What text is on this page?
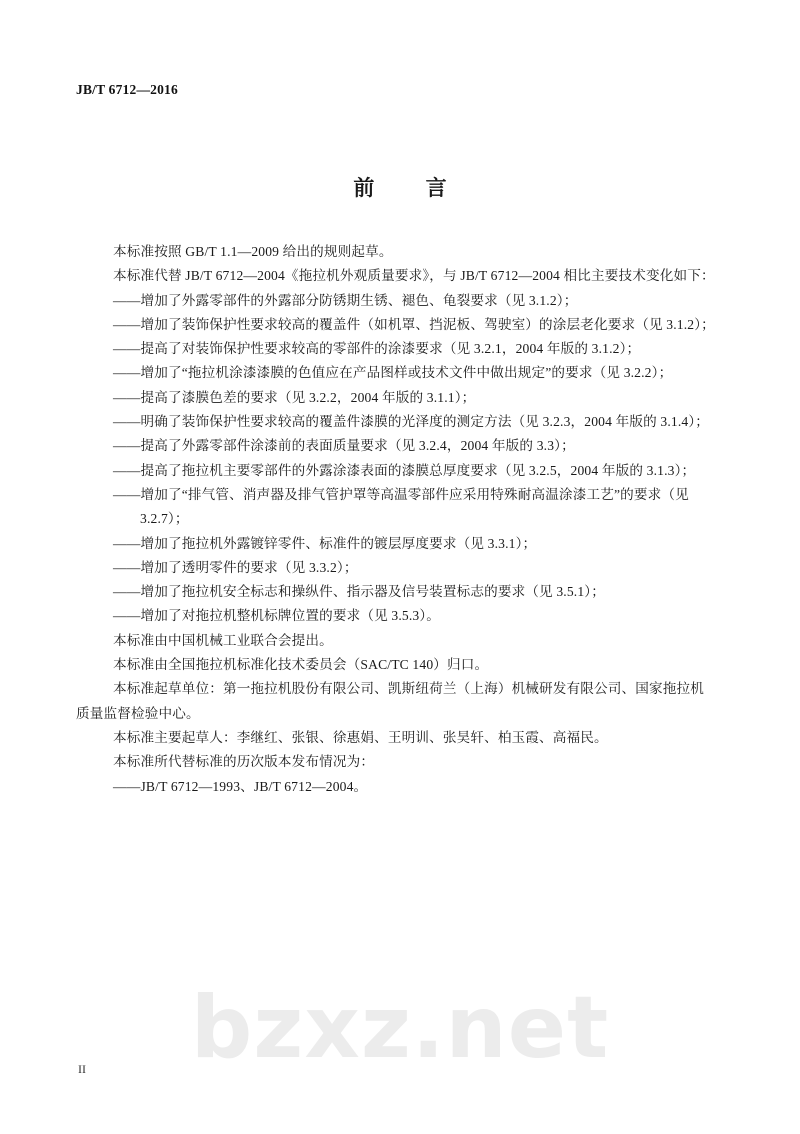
bzxz.net
JB/T 6712—2016
前 言
本标准按照 GB/T 1.1—2009 给出的规则起草。
本标准代替 JB/T 6712—2004《拖拉机外观质量要求》，与 JB/T 6712—2004 相比主要技术变化如下：
——增加了外露零部件的外露部分防锈期生锈、褪色、龟裂要求（见 3.1.2）；
——增加了装饰保护性要求较高的覆盖件（如机罩、挡泥板、驾驶室）的涂层老化要求（见 3.1.2）；
——提高了对装饰保护性要求较高的零部件的涂漆要求（见 3.2.1，2004 年版的 3.1.2）；
——增加了“拖拉机涂漆漆膜的色值应在产品图样或技术文件中做出规定”的要求（见 3.2.2）；
——提高了漆膜色差的要求（见 3.2.2，2004 年版的 3.1.1）；
——明确了装饰保护性要求较高的覆盖件漆膜的光泽度的测定方法（见 3.2.3，2004 年版的 3.1.4）；
——提高了外露零部件涂漆前的表面质量要求（见 3.2.4，2004 年版的 3.3）；
——提高了拖拉机主要零部件的外露涂漆表面的漆膜总厚度要求（见 3.2.5，2004 年版的 3.1.3）；
——增加了“排气管、消声器及排气管护罩等高温零部件应采用特殊耐高温涂漆工艺”的要求（见
3.2.7）；
——增加了拖拉机外露镀锌零件、标准件的镀层厚度要求（见 3.3.1）；
——增加了透明零件的要求（见 3.3.2）；
——增加了拖拉机安全标志和操纵件、指示器及信号装置标志的要求（见 3.5.1）；
——增加了对拖拉机整机标牌位置的要求（见 3.5.3）。
本标准由中国机械工业联合会提出。
本标准由全国拖拉机标准化技术委员会（SAC/TC 140）归口。
本标准起草单位：第一拖拉机股份有限公司、凯斯纽荷兰（上海）机械研发有限公司、国家拖拉机
质量监督检验中心。
本标准主要起草人：李继红、张银、徐惠娟、王明训、张昊轩、柏玉霞、高福民。
本标准所代替标准的历次版本发布情况为：
——JB/T 6712—1993、JB/T 6712—2004。
II
